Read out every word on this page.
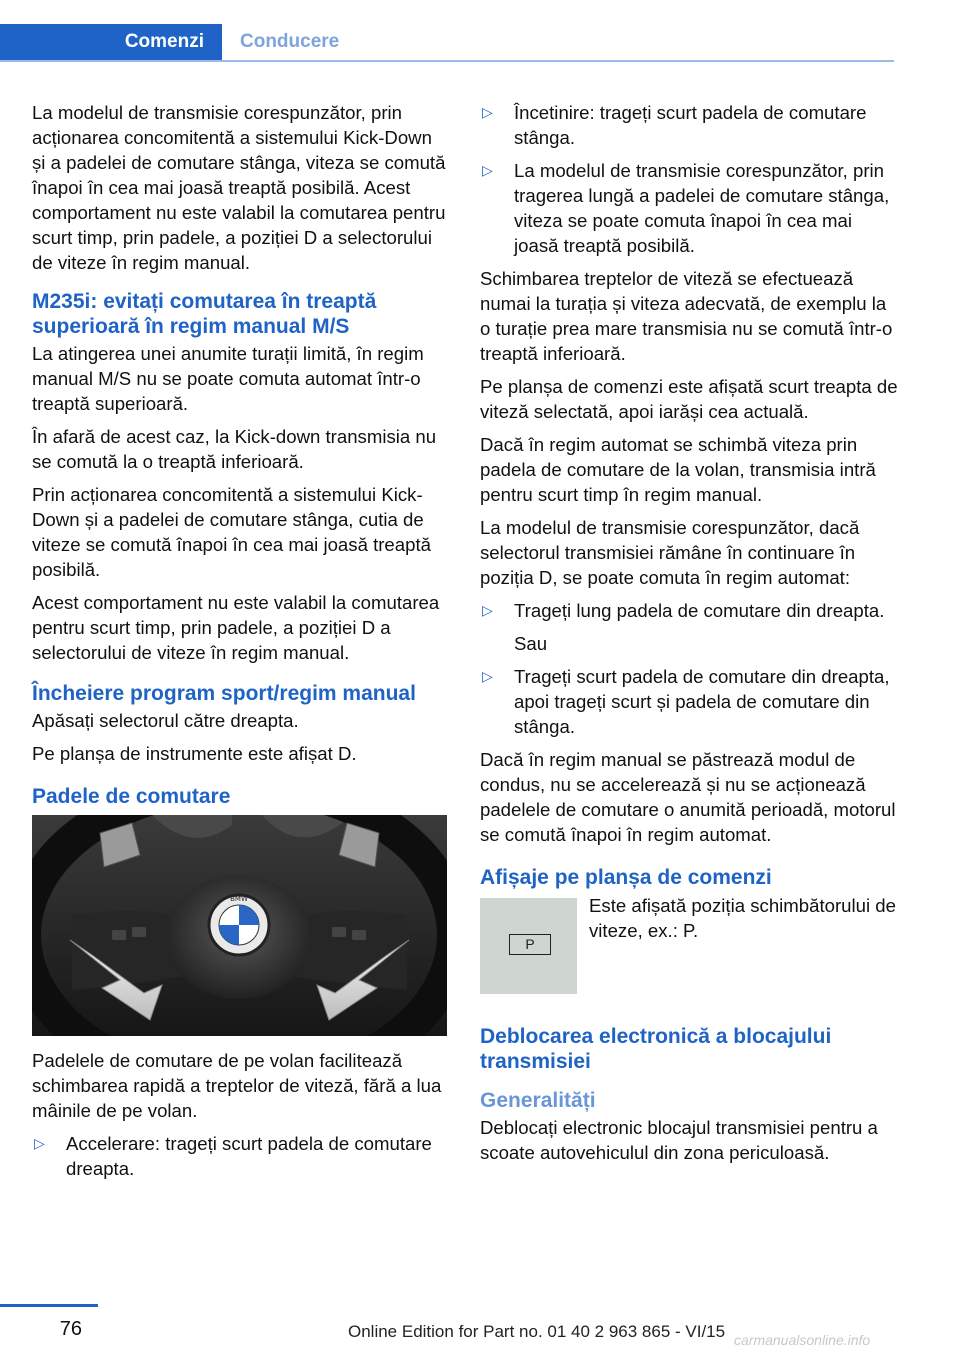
Comenzi	Conducere

La modelul de transmisie corespunzător, prin acționarea concomitentă a sistemului Kick-Down și a padelei de comutare stânga, viteza se comută înapoi în cea mai joasă treaptă posibilă. Acest comportament nu este valabil la comutarea pentru scurt timp, prin padele, a poziției D a selectorului de viteze în regim manual.

M235i: evitați comutarea în treaptă superioară în regim manual M/S

La atingerea unei anumite turații limită, în regim manual M/S nu se poate comuta automat într-o treaptă superioară.

În afară de acest caz, la Kick-down transmisia nu se comută la o treaptă inferioară.

Prin acționarea concomitentă a sistemului Kick-Down și a padelei de comutare stânga, cutia de viteze se comută înapoi în cea mai joasă treaptă posibilă.

Acest comportament nu este valabil la comutarea pentru scurt timp, prin padele, a poziției D a selectorului de viteze în regim manual.

Încheiere program sport/regim manual

Apăsați selectorul către dreapta.

Pe planșa de instrumente este afișat D.

Padele de comutare
BMW

Padelele de comutare de pe volan facilitează schimbarea rapidă a treptelor de viteză, fără a lua mâinile de pe volan.

▷ Accelerare: trageți scurt padela de comutare dreapta.
▷ Încetinire: trageți scurt padela de comutare stânga.
▷ La modelul de transmisie corespunzător, prin tragerea lungă a padelei de comutare stânga, viteza se poate comuta înapoi în cea mai joasă treaptă posibilă.

Schimbarea treptelor de viteză se efectuează numai la turația și viteza adecvată, de exemplu la o turație prea mare transmisia nu se comută într-o treaptă inferioară.

Pe planșa de comenzi este afișată scurt treapta de viteză selectată, apoi iarăși cea actuală.

Dacă în regim automat se schimbă viteza prin padela de comutare de la volan, transmisia intră pentru scurt timp în regim manual.

La modelul de transmisie corespunzător, dacă selectorul transmisiei rămâne în continuare în poziția D, se poate comuta în regim automat:

▷ Trageți lung padela de comutare din dreapta.

Sau

▷ Trageți scurt padela de comutare din dreapta, apoi trageți scurt și padela de comutare din stânga.

Dacă în regim manual se păstrează modul de condus, nu se accelerează și nu se acționează padelele de comutare o anumită perioadă, motorul se comută înapoi în regim automat.

Afișaje pe planșa de comenzi
P
Este afișată poziția schimbătorului de viteze, ex.: P.
Deblocarea electronică a blocajului transmisiei
Generalități

Deblocați electronic blocajul transmisiei pentru a scoate autovehiculul din zona periculoasă.

76	Online Edition for Part no. 01 40 2 963 865 - VI/15 carmanualsonline.info
